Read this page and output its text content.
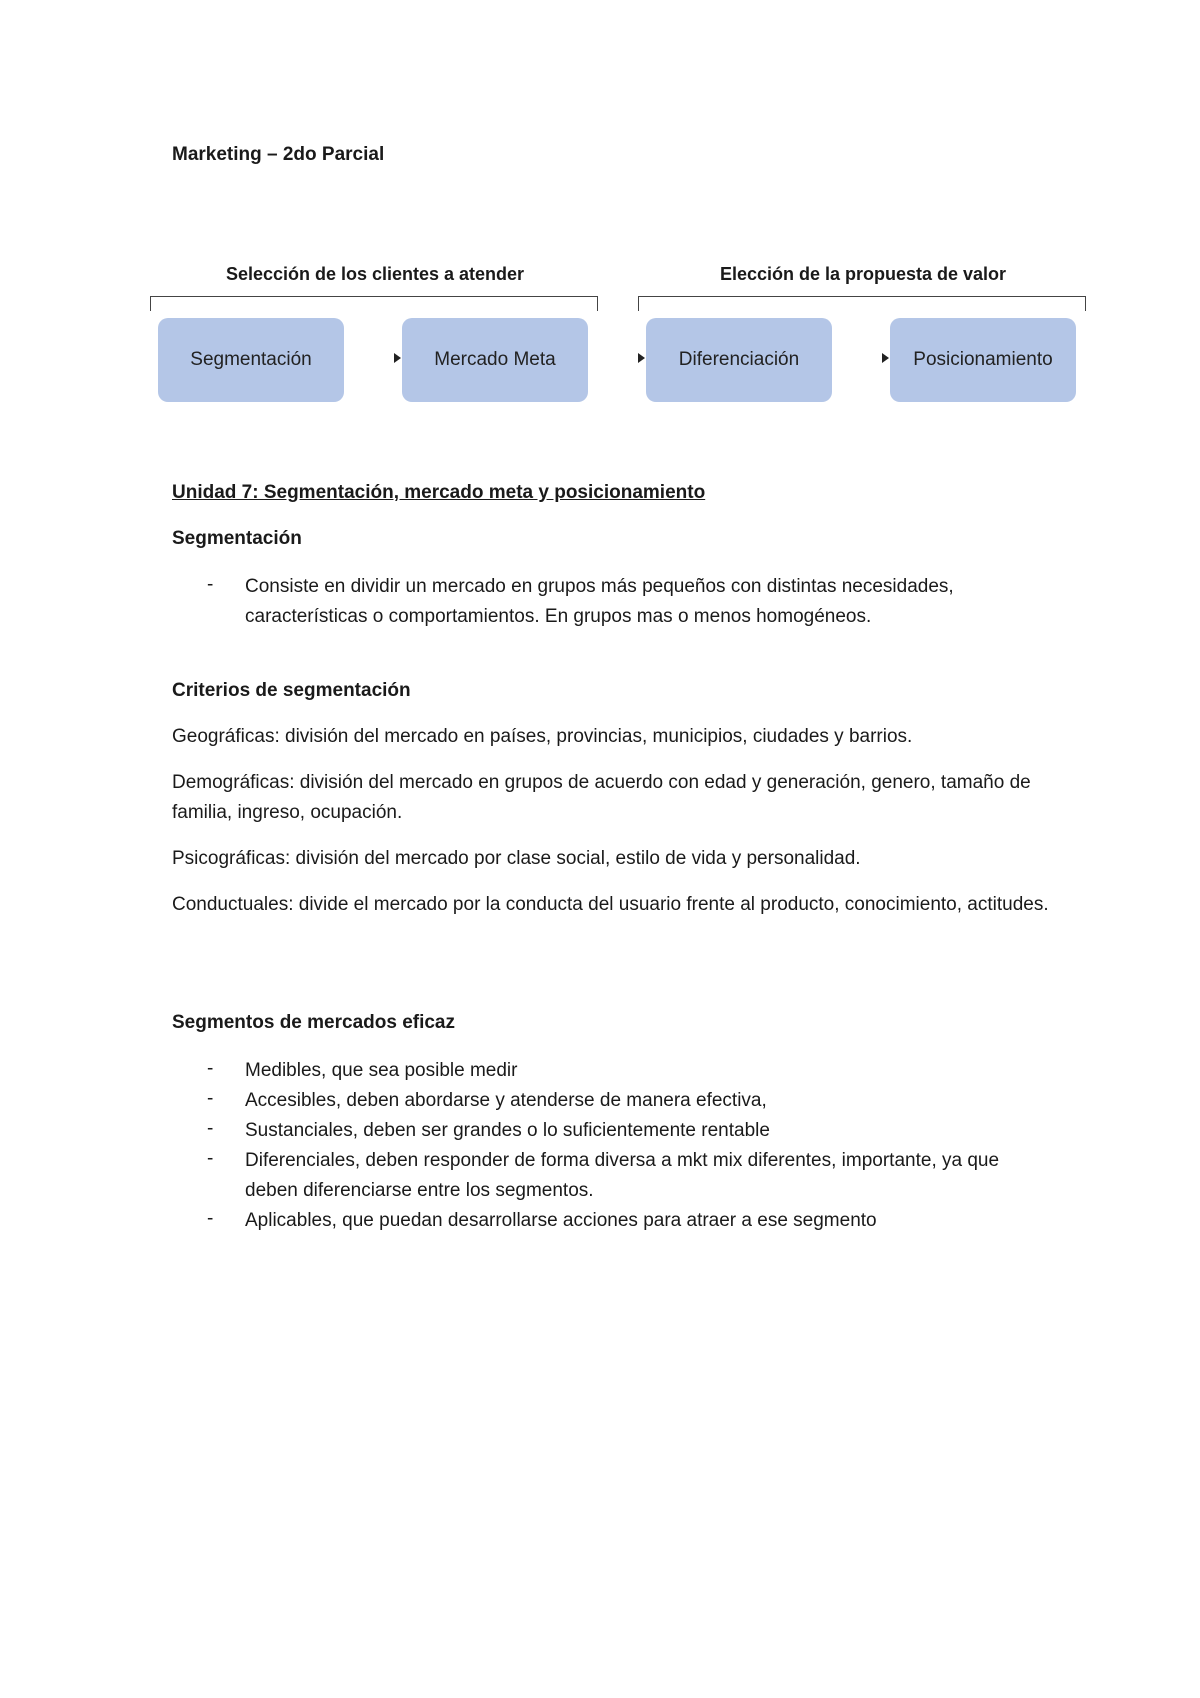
Marketing – 2do Parcial
Selección de los clientes a atender	Elección de la propuesta de valor
Segmentación	Mercado Meta	Diferenciación	Posicionamiento
Unidad 7: Segmentación, mercado meta y posicionamiento
Segmentación
- Consiste en dividir un mercado en grupos más pequeños con distintas necesidades, características o comportamientos. En grupos mas o menos homogéneos.
Criterios de segmentación
Geográficas: división del mercado en países, provincias, municipios, ciudades y barrios.
Demográficas: división del mercado en grupos de acuerdo con edad y generación, genero, tamaño de familia, ingreso, ocupación.
Psicográficas: división del mercado por clase social, estilo de vida y personalidad.
Conductuales: divide el mercado por la conducta del usuario frente al producto, conocimiento, actitudes.
Segmentos de mercados eficaz
- Medibles, que sea posible medir
- Accesibles, deben abordarse y atenderse de manera efectiva,
- Sustanciales, deben ser grandes o lo suficientemente rentable
- Diferenciales, deben responder de forma diversa a mkt mix diferentes, importante, ya que deben diferenciarse entre los segmentos.
- Aplicables, que puedan desarrollarse acciones para atraer a ese segmento
